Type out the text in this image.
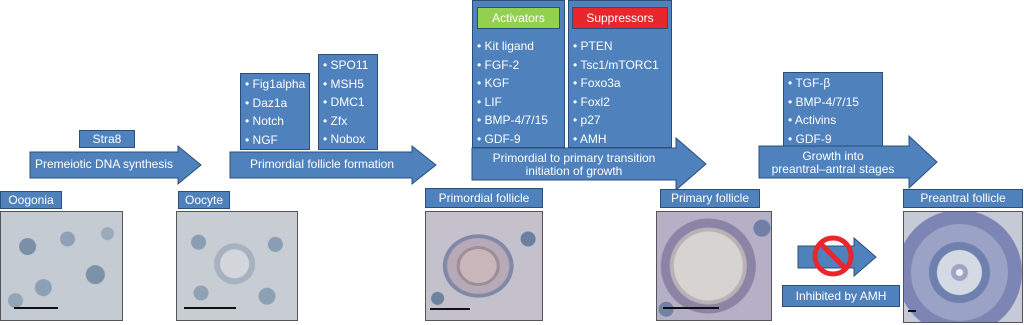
Stra8
Premeiotic DNA synthesis
Oogonia	Oocyte
• Fig1alpha
• Daz1a
• Notch
• NGF
• SPO11
• MSH5
• DMC1
• Zfx
• Nobox
Primordial follicle formation
Primordial follicle
Activators
• Kit ligand
• FGF-2
• KGF
• LIF
• BMP-4/7/15
• GDF-9
Suppressors
• PTEN
• Tsc1/mTORC1
• Foxo3a
• Foxl2
• p27
• AMH
Primordial to primary transition
initiation of growth
Primary follicle
• TGF-β
• BMP-4/7/15
• Activins
• GDF-9
Growth into
preantral–antral stages
Inhibited by AMH
Preantral follicle
